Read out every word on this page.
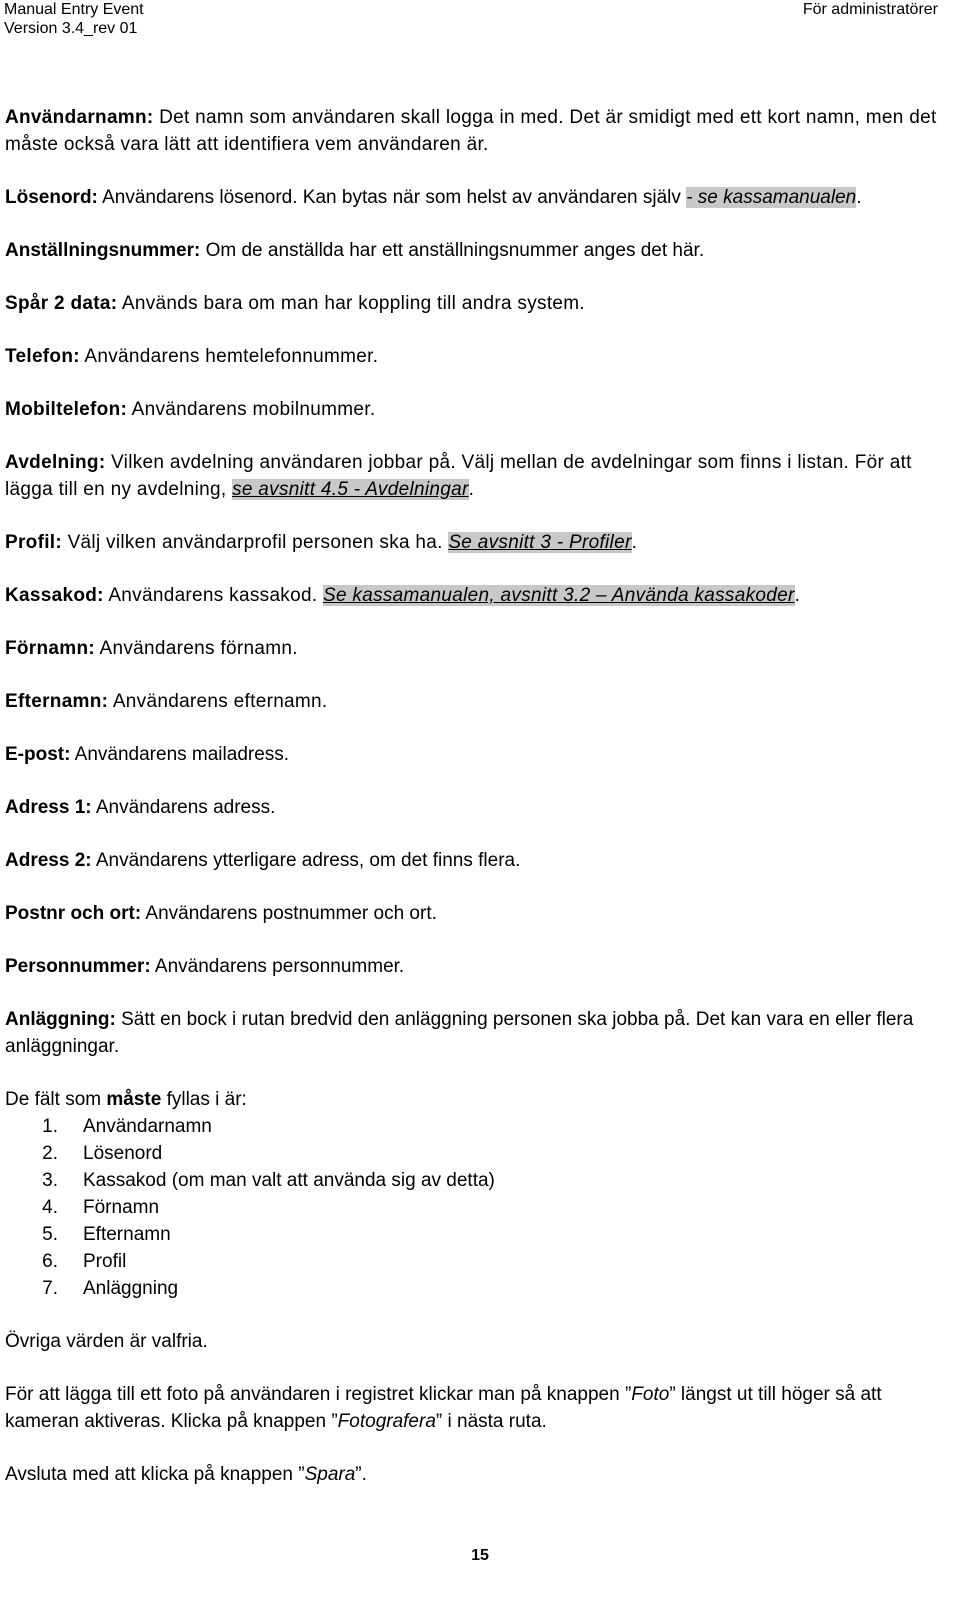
Manual Entry Event
Version 3.4_rev 01
För administratörer

Användarnamn: Det namn som användaren skall logga in med. Det är smidigt med ett kort namn, men det måste också vara lätt att identifiera vem användaren är.

Lösenord: Användarens lösenord. Kan bytas när som helst av användaren själv - se kassamanualen.

Anställningsnummer: Om de anställda har ett anställningsnummer anges det här.

Spår 2 data: Används bara om man har koppling till andra system.

Telefon: Användarens hemtelefonnummer.

Mobiltelefon: Användarens mobilnummer.

Avdelning: Vilken avdelning användaren jobbar på. Välj mellan de avdelningar som finns i listan. För att lägga till en ny avdelning, se avsnitt 4.5 - Avdelningar.

Profil: Välj vilken användarprofil personen ska ha. Se avsnitt 3 - Profiler.

Kassakod: Användarens kassakod. Se kassamanualen, avsnitt 3.2 – Använda kassakoder.

Förnamn: Användarens förnamn.

Efternamn: Användarens efternamn.

E-post: Användarens mailadress.

Adress 1: Användarens adress.

Adress 2: Användarens ytterligare adress, om det finns flera.

Postnr och ort: Användarens postnummer och ort.

Personnummer: Användarens personnummer.

Anläggning: Sätt en bock i rutan bredvid den anläggning personen ska jobba på. Det kan vara en eller flera anläggningar.

De fält som måste fyllas i är:

1. Användarnamn
2. Lösenord
3. Kassakod (om man valt att använda sig av detta)
4. Förnamn
5. Efternamn
6. Profil
7. Anläggning

Övriga värden är valfria.

För att lägga till ett foto på användaren i registret klickar man på knappen ”Foto” längst ut till höger så att kameran aktiveras. Klicka på knappen ”Fotografera” i nästa ruta.

Avsluta med att klicka på knappen ”Spara”.

15
